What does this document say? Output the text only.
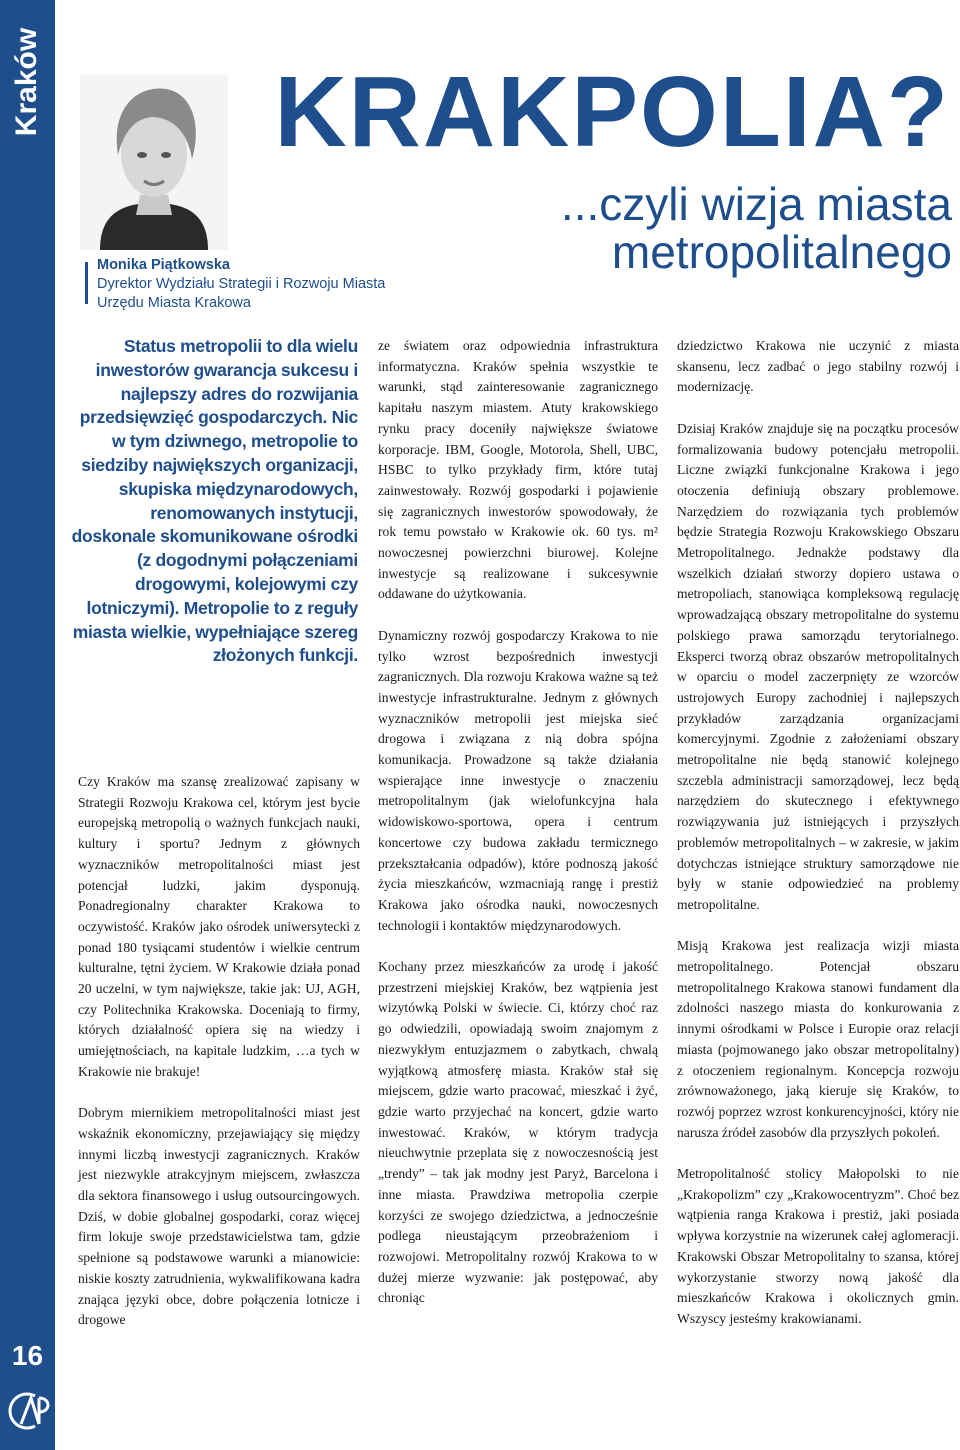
Kraków
16
Monika Piątkowska
Dyrektor Wydziału Strategii i Rozwoju Miasta
Urzędu Miasta Krakowa
KRAKPOLIA?
...czyli wizja miasta
metropolitalnego
Status metropolii to dla wielu inwestorów gwarancja sukcesu i najlepszy adres do rozwijania przedsięwzięć gospodarczych. Nic w tym dziwnego, metropolie to siedziby największych organizacji, skupiska międzynarodowych, renomowanych instytucji, doskonale skomunikowane ośrodki (z dogodnymi połączeniami drogowymi, kolejowymi czy lotniczymi). Metropolie to z reguły miasta wielkie, wypełniające szereg złożonych funkcji.

Czy Kraków ma szansę zrealizować zapisany w Strategii Rozwoju Krakowa cel, którym jest bycie europejską metropolią o ważnych funkcjach nauki, kultury i sportu? Jednym z głównych wyznaczników metropolitalności miast jest potencjał ludzki, jakim dysponują. Ponadregionalny charakter Krakowa to oczywistość. Kraków jako ośrodek uniwersytecki z ponad 180 tysiącami studentów i wielkie centrum kulturalne, tętni życiem. W Krakowie działa ponad 20 uczelni, w tym największe, takie jak: UJ, AGH, czy Politechnika Krakowska. Doceniają to firmy, których działalność opiera się na wiedzy i umiejętnościach, na kapitale ludzkim, …a tych w Krakowie nie brakuje!

Dobrym miernikiem metropolitalności miast jest wskaźnik ekonomiczny, przejawiający się między innymi liczbą inwestycji zagranicznych. Kraków jest niezwykle atrakcyjnym miejscem, zwłaszcza dla sektora finansowego i usług outsourcingowych. Dziś, w dobie globalnej gospodarki, coraz więcej firm lokuje swoje przedstawicielstwa tam, gdzie spełnione są podstawowe warunki a mianowicie: niskie koszty zatrudnienia, wykwalifikowana kadra znająca języki obce, dobre połączenia lotnicze i drogowe

ze światem oraz odpowiednia infrastruktura informatyczna. Kraków spełnia wszystkie te warunki, stąd zainteresowanie zagranicznego kapitału naszym miastem. Atuty krakowskiego rynku pracy doceniły największe światowe korporacje. IBM, Google, Motorola, Shell, UBC, HSBC to tylko przykłady firm, które tutaj zainwestowały. Rozwój gospodarki i pojawienie się zagranicznych inwestorów spowodowały, że rok temu powstało w Krakowie ok. 60 tys. m² nowoczesnej powierzchni biurowej. Kolejne inwestycje są realizowane i sukcesywnie oddawane do użytkowania.

Dynamiczny rozwój gospodarczy Krakowa to nie tylko wzrost bezpośrednich inwestycji zagranicznych. Dla rozwoju Krakowa ważne są też inwestycje infrastrukturalne. Jednym z głównych wyznaczników metropolii jest miejska sieć drogowa i związana z nią dobra spójna komunikacja. Prowadzone są także działania wspierające inne inwestycje o znaczeniu metropolitalnym (jak wielofunkcyjna hala widowiskowo-sportowa, opera i centrum koncertowe czy budowa zakładu termicznego przekształcania odpadów), które podnoszą jakość życia mieszkańców, wzmacniają rangę i prestiż Krakowa jako ośrodka nauki, nowoczesnych technologii i kontaktów międzynarodowych.

Kochany przez mieszkańców za urodę i jakość przestrzeni miejskiej Kraków, bez wątpienia jest wizytówką Polski w świecie. Ci, którzy choć raz go odwiedzili, opowiadają swoim znajomym z niezwykłym entuzjazmem o zabytkach, chwalą wyjątkową atmosferę miasta. Kraków stał się miejscem, gdzie warto pracować, mieszkać i żyć, gdzie warto przyjechać na koncert, gdzie warto inwestować. Kraków, w którym tradycja nieuchwytnie przeplata się z nowoczesnością jest „trendy” – tak jak modny jest Paryż, Barcelona i inne miasta. Prawdziwa metropolia czerpie korzyści ze swojego dziedzictwa, a jednocześnie podlega nieustającym przeobrażeniom i rozwojowi. Metropolitalny rozwój Krakowa to w dużej mierze wyzwanie: jak postępować, aby chroniąc

dziedzictwo Krakowa nie uczynić z miasta skansenu, lecz zadbać o jego stabilny rozwój i modernizację.

Dzisiaj Kraków znajduje się na początku procesów formalizowania budowy potencjału metropolii. Liczne związki funkcjonalne Krakowa i jego otoczenia definiują obszary problemowe. Narzędziem do rozwiązania tych problemów będzie Strategia Rozwoju Krakowskiego Obszaru Metropolitalnego. Jednakże podstawy dla wszelkich działań stworzy dopiero ustawa o metropoliach, stanowiąca kompleksową regulację wprowadzającą obszary metropolitalne do systemu polskiego prawa samorządu terytorialnego. Eksperci tworzą obraz obszarów metropolitalnych w oparciu o model zaczerpnięty ze wzorców ustrojowych Europy zachodniej i najlepszych przykładów zarządzania organizacjami komercyjnymi. Zgodnie z założeniami obszary metropolitalne nie będą stanowić kolejnego szczebla administracji samorządowej, lecz będą narzędziem do skutecznego i efektywnego rozwiązywania już istniejących i przyszłych problemów metropolitalnych – w zakresie, w jakim dotychczas istniejące struktury samorządowe nie były w stanie odpowiedzieć na problemy metropolitalne.

Misją Krakowa jest realizacja wizji miasta metropolitalnego. Potencjał obszaru metropolitalnego Krakowa stanowi fundament dla zdolności naszego miasta do konkurowania z innymi ośrodkami w Polsce i Europie oraz relacji miasta (pojmowanego jako obszar metropolitalny) z otoczeniem regionalnym. Koncepcja rozwoju zrównoważonego, jaką kieruje się Kraków, to rozwój poprzez wzrost konkurencyjności, który nie narusza źródeł zasobów dla przyszłych pokoleń.

Metropolitalność stolicy Małopolski to nie „Krakopolizm” czy „Krakowocentryzm”. Choć bez wątpienia ranga Krakowa i prestiż, jaki posiada wpływa korzystnie na wizerunek całej aglomeracji. Krakowski Obszar Metropolitalny to szansa, której wykorzystanie stworzy nową jakość dla mieszkańców Krakowa i okolicznych gmin. Wszyscy jesteśmy krakowianami.
